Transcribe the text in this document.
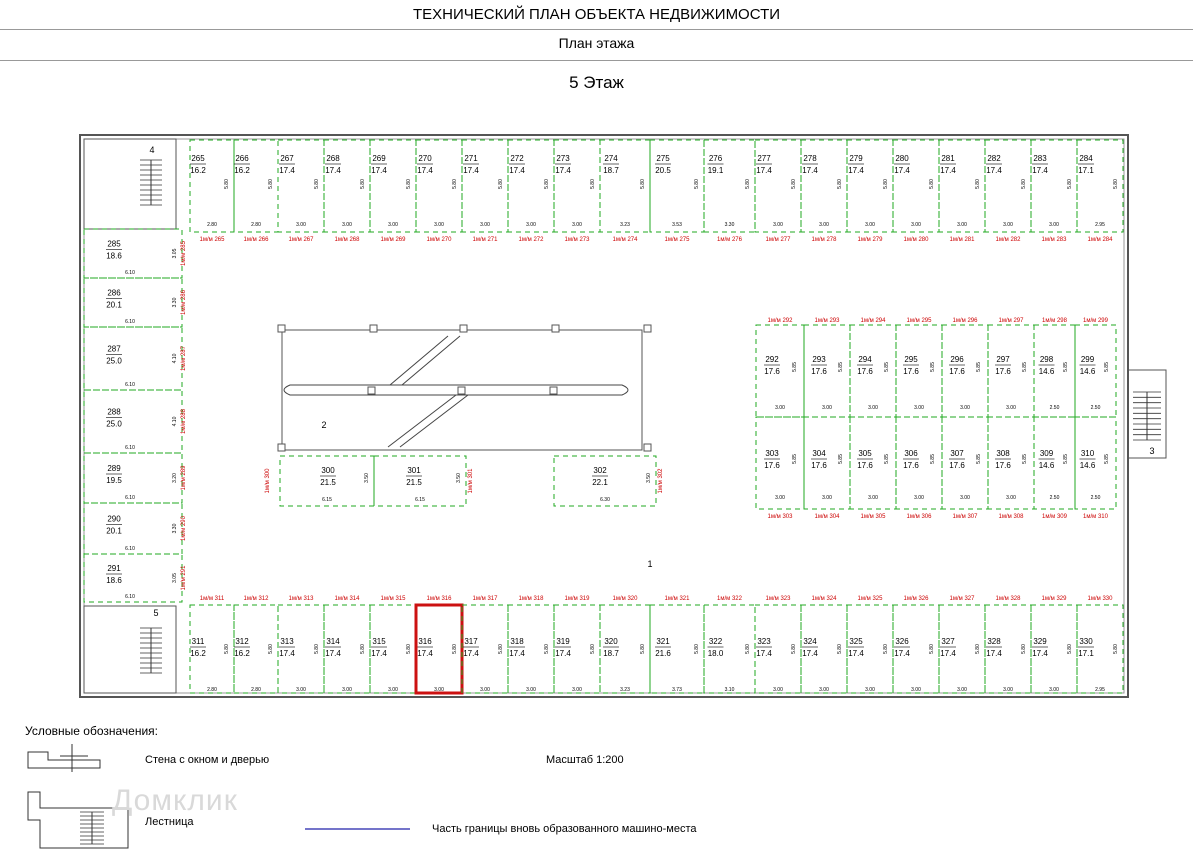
ТЕХНИЧЕСКИЙ ПЛАН ОБЪЕКТА НЕДВИЖИМОСТИ
План этажа
5 Этаж
1
2
3
4
5
265
16.2
2.80
5.80
1м/м 265
311
16.2
2.80
5.80
1м/м 311
266
16.2
2.80
5.80
1м/м 266
312
16.2
2.80
5.80
1м/м 312
267
17.4
3.00
5.80
1м/м 267
313
17.4
3.00
5.80
1м/м 313
268
17.4
3.00
5.80
1м/м 268
314
17.4
3.00
5.80
1м/м 314
269
17.4
3.00
5.80
1м/м 269
315
17.4
3.00
5.80
1м/м 315
270
17.4
3.00
5.80
1м/м 270
316
17.4
3.00
5.80
1м/м 316
271
17.4
3.00
5.80
1м/м 271
317
17.4
3.00
5.80
1м/м 317
272
17.4
3.00
5.80
1м/м 272
318
17.4
3.00
5.80
1м/м 318
273
17.4
3.00
5.80
1м/м 273
319
17.4
3.00
5.80
1м/м 319
274
18.7
3.23
5.80
1м/м 274
320
18.7
3.23
5.80
1м/м 320
275
20.5
3.53
5.80
1м/м 275
321
21.6
3.73
5.80
1м/м 321
276
19.1
3.30
5.80
1м/м 276
322
18.0
3.10
5.80
1м/м 322
277
17.4
3.00
5.80
1м/м 277
323
17.4
3.00
5.80
1м/м 323
278
17.4
3.00
5.80
1м/м 278
324
17.4
3.00
5.80
1м/м 324
279
17.4
3.00
5.80
1м/м 279
325
17.4
3.00
5.80
1м/м 325
280
17.4
3.00
5.80
1м/м 280
326
17.4
3.00
5.80
1м/м 326
281
17.4
3.00
5.80
1м/м 281
327
17.4
3.00
5.80
1м/м 327
282
17.4
3.00
5.80
1м/м 282
328
17.4
3.00
5.80
1м/м 328
283
17.4
3.00
5.80
1м/м 283
329
17.4
3.00
5.80
1м/м 329
284
17.1
2.95
5.80
1м/м 284
330
17.1
2.95
5.80
1м/м 330
285
18.6
6.10
3.05 1м/м 285
286
20.1
6.10
3.30 1м/м 286
287
25.0
6.10
4.10 1м/м 287
288
25.0
6.10
4.10 1м/м 288
289
19.5
6.10
3.20 1м/м 289
290
20.1
6.10
3.30 1м/м 290
291
18.6
6.10
3.05 1м/м 291
292
17.6
3.00
5.85
1м/м 292
303
17.6
3.00
5.85
1м/м 303
293
17.6
3.00
5.85
1м/м 293
304
17.6
3.00
5.85
1м/м 304
294
17.6
3.00
5.85
1м/м 294
305
17.6
3.00
5.85
1м/м 305
295
17.6
3.00
5.85
1м/м 295
306
17.6
3.00
5.85
1м/м 306
296
17.6
3.00
5.85
1м/м 296
307
17.6
3.00
5.85
1м/м 307
297
17.6
3.00
5.85
1м/м 297
308
17.6
3.00
5.85
1м/м 308
298
14.6
2.50
5.85
1м/м 298
309
14.6
2.50
5.85
1м/м 309
299
14.6
2.50
5.85
1м/м 299
310
14.6
2.50
5.85
1м/м 310
300
21.5
6.15
3.50
1м/м 300	301
21.5
6.15
3.50 1м/м 301	302
22.1
6.30
3.50 1м/м 302
Домклик
Условные обозначения:
Стена с окном и дверью	Масштаб 1:200
Лестница
Часть границы вновь образованного машино-места
